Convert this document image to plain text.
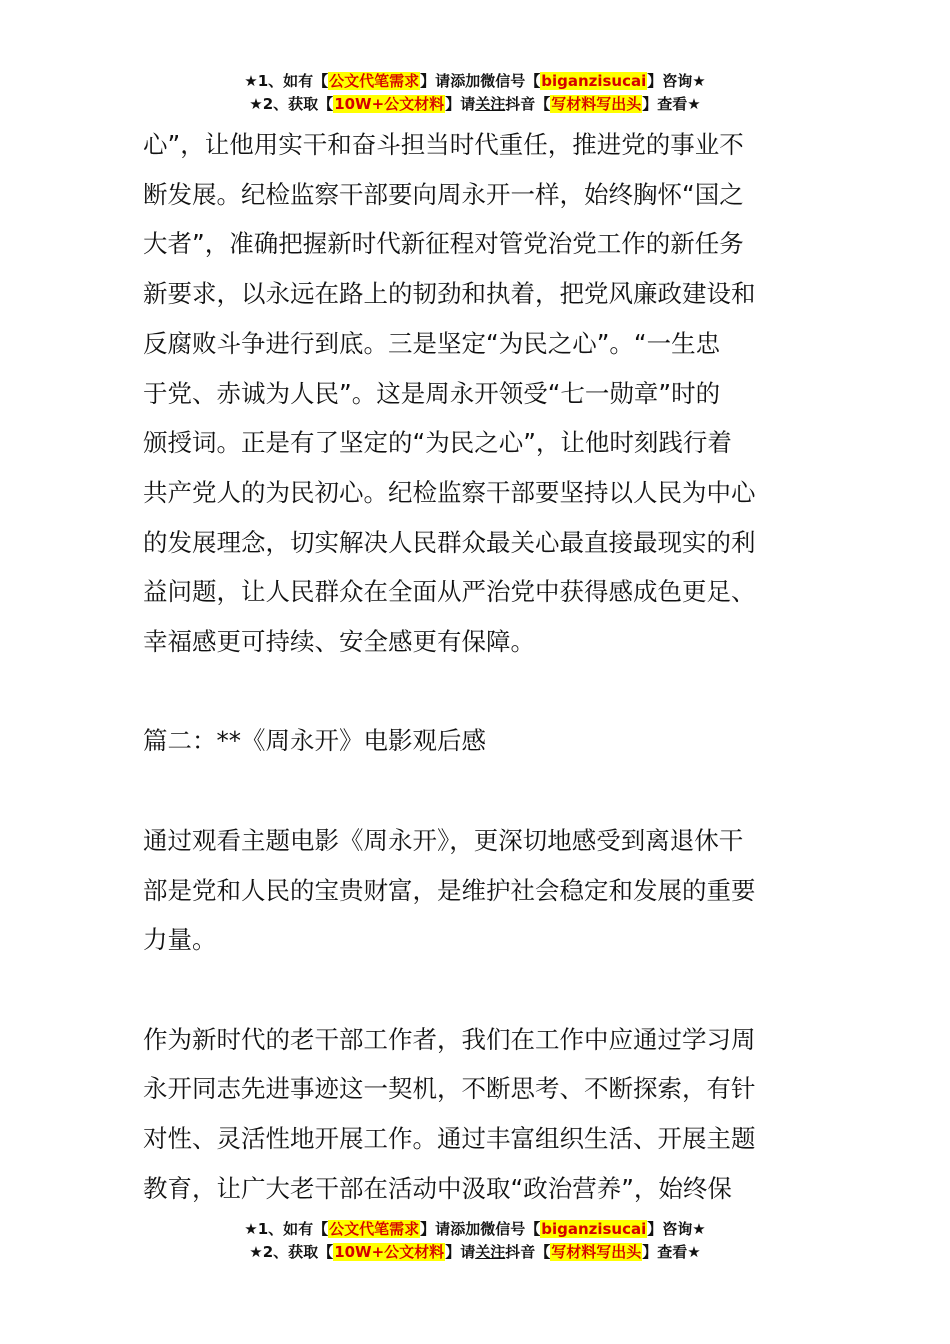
★1、如有【公文代笔需求】请添加微信号【biganzisucai】咨询★
★2、获取【10W+公文材料】请关注抖音【写材料写出头】查看★

心”，让他用实干和奋斗担当时代重任，推进党的事业不

断发展。纪检监察干部要向周永开一样，始终胸怀“国之

大者”，准确把握新时代新征程对管党治党工作的新任务

新要求，以永远在路上的韧劲和执着，把党风廉政建设和

反腐败斗争进行到底。三是坚定“为民之心”。“一生忠

于党、赤诚为人民”。这是周永开领受“七一勋章”时的

颁授词。正是有了坚定的“为民之心”，让他时刻践行着

共产党人的为民初心。纪检监察干部要坚持以人民为中心

的发展理念，切实解决人民群众最关心最直接最现实的利

益问题，让人民群众在全面从严治党中获得感成色更足、

幸福感更可持续、安全感更有保障。

篇二：**《周永开》电影观后感

通过观看主题电影《周永开》，更深切地感受到离退休干

部是党和人民的宝贵财富，是维护社会稳定和发展的重要

力量。

作为新时代的老干部工作者，我们在工作中应通过学习周

永开同志先进事迹这一契机，不断思考、不断探索，有针

对性、灵活性地开展工作。通过丰富组织生活、开展主题

教育，让广大老干部在活动中汲取“政治营养”，始终保

★1、如有【公文代笔需求】请添加微信号【biganzisucai】咨询★
★2、获取【10W+公文材料】请关注抖音【写材料写出头】查看★
